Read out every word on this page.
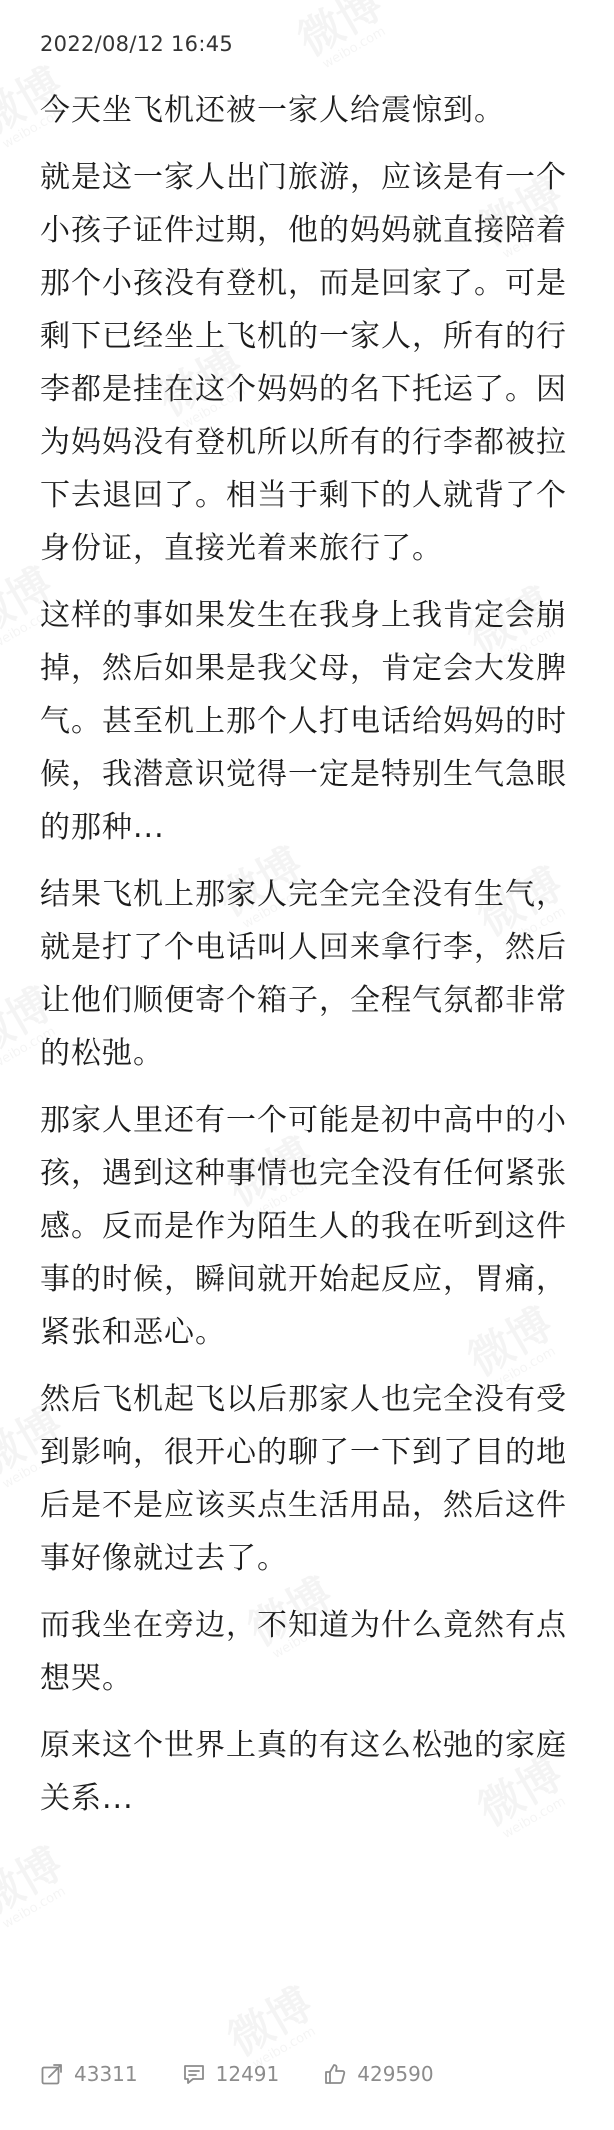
2022/08/12 16:45

今天坐飞机还被一家人给震惊到。

就是这一家人出门旅游，应该是有一个小孩子证件过期，他的妈妈就直接陪着那个小孩没有登机，而是回家了。可是剩下已经坐上飞机的一家人，所有的行李都是挂在这个妈妈的名下托运了。因为妈妈没有登机所以所有的行李都被拉下去退回了。相当于剩下的人就背了个身份证，直接光着来旅行了。

这样的事如果发生在我身上我肯定会崩掉，然后如果是我父母，肯定会大发脾气。甚至机上那个人打电话给妈妈的时候，我潜意识觉得一定是特别生气急眼的那种...

结果飞机上那家人完全完全没有生气，就是打了个电话叫人回来拿行李，然后让他们顺便寄个箱子，全程气氛都非常的松弛。

那家人里还有一个可能是初中高中的小孩，遇到这种事情也完全没有任何紧张感。反而是作为陌生人的我在听到这件事的时候，瞬间就开始起反应，胃痛，紧张和恶心。

然后飞机起飞以后那家人也完全没有受到影响，很开心的聊了一下到了目的地后是不是应该买点生活用品，然后这件事好像就过去了。

而我坐在旁边，不知道为什么竟然有点想哭。

原来这个世界上真的有这么松弛的家庭关系...

43311	12491	429590
